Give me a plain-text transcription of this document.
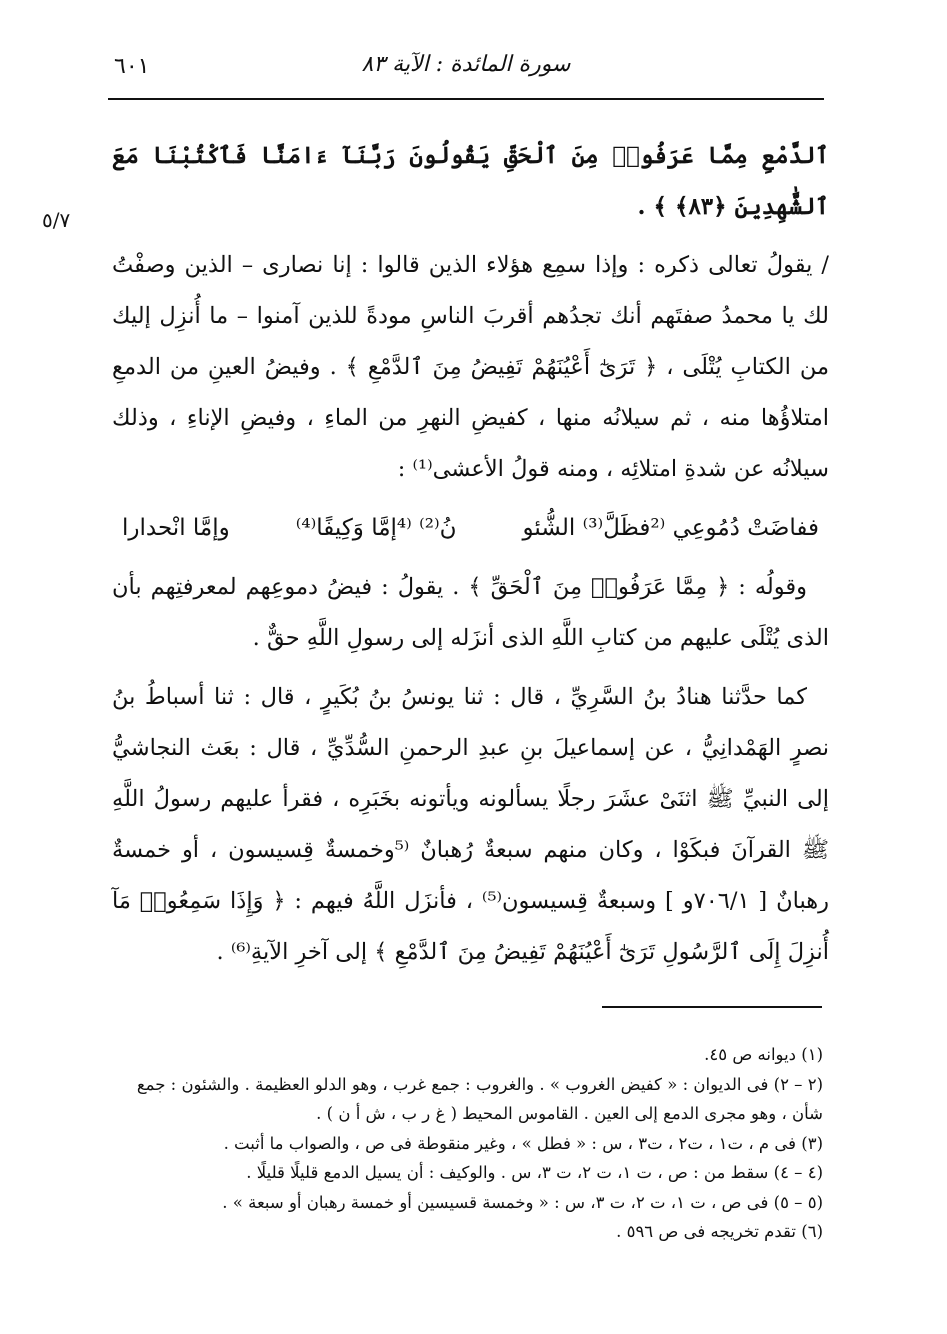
سورة المائدة : الآية ٨٣
٦٠١
٥/٧

ٱلدَّمْعِ مِمَّا عَرَفُوا۟ مِنَ ٱلْحَقِّ يَقُولُونَ رَبَّنَآ ءَامَنَّا فَٱكْتُبْنَا مَعَ ٱلشَّٰهِدِينَ ﴿٨٣﴾ ﴾ .

/ يقولُ تعالى ذكره : وإذا سمِع هؤلاء الذين قالوا : إنا نصارى – الذين وصفْتُ لك يا محمدُ صفتَهم أنك تجدُهم أقربَ الناسِ مودةً للذين آمنوا – ما أُنزِل إليك من الكتابِ يُتْلَى ، ﴿ تَرَىٰٓ أَعْيُنَهُمْ تَفِيضُ مِنَ ٱلدَّمْعِ ﴾ . وفيضُ العينِ من الدمعِ امتلاؤُها منه ، ثم سيلانُه منها ، كفيضِ النهرِ من الماءِ ، وفيضِ الإناءِ ، وذلك سيلانُه عن شدةِ امتلائِه ، ومنه قولُ الأعشى⁽¹⁾ :

ففاضَتْ دُمُوعِي ⁽²فظَلَّ⁽³⁾ الشُّئو
نُ⁽²⁾ ⁽⁴إمَّا وَكِيفًا⁽⁴⁾
وإمَّا انْحدارا

وقولُه : ﴿ مِمَّا عَرَفُوا۟ مِنَ ٱلْحَقِّ ﴾ . يقولُ : فيضُ دموعِهم لمعرفتِهم بأن الذى يُتْلَى عليهم من كتابِ اللَّهِ الذى أنزَله إلى رسولِ اللَّهِ حقٌّ .

كما حدَّثنا هنادُ بنُ السَّرِيِّ ، قال : ثنا يونسُ بنُ بُكَيرٍ ، قال : ثنا أسباطُ بنُ نصرٍ الهَمْدانِيُّ ، عن إسماعيلَ بنِ عبدِ الرحمنِ السُّدِّيِّ ، قال : بعَث النجاشيُّ إلى النبيِّ ﷺ اثنَىْ عشَرَ رجلًا يسألونه ويأتونه بخَبَرِه ، فقرأ عليهم رسولُ اللَّهِ ﷺ القرآنَ فبكَوْا ، وكان منهم سبعةٌ رُهبانٌ ⁽⁵وخمسةٌ قِسيسون ، أو خمسةٌ رهبانٌ [ ٧٠٦/١و ] وسبعةٌ قِسيسون⁽⁵⁾ ، فأنزَل اللَّهُ فيهم : ﴿ وَإِذَا سَمِعُوا۟ مَآ أُنزِلَ إِلَى ٱلرَّسُولِ تَرَىٰٓ أَعْيُنَهُمْ تَفِيضُ مِنَ ٱلدَّمْعِ ﴾ إلى آخرِ الآيةِ⁽⁶⁾ .

(١) ديوانه ص ٤٥.

(٢ – ٢) فى الديوان : « كفيض الغروب » . والغروب : جمع غرب ، وهو الدلو العظيمة . والشئون : جمع شأن ، وهو مجرى الدمع إلى العين . القاموس المحيط ( غ ر ب ، ش أ ن ) .

(٣) فى م ، ت١ ، ت٢ ، ت٣ ، س : « فطل » ، وغير منقوطة فى ص ، والصواب ما أثبت .

(٤ – ٤) سقط من : ص ، ت ١، ت ٢، ت ٣، س . والوكيف : أن يسيل الدمع قليلًا قليلًا .

(٥ – ٥) فى ص ، ت ١، ت ٢، ت ٣، س : « وخمسة قسيسين أو خمسة رهبان أو سبعة » .

(٦) تقدم تخريجه فى ص ٥٩٦ .
